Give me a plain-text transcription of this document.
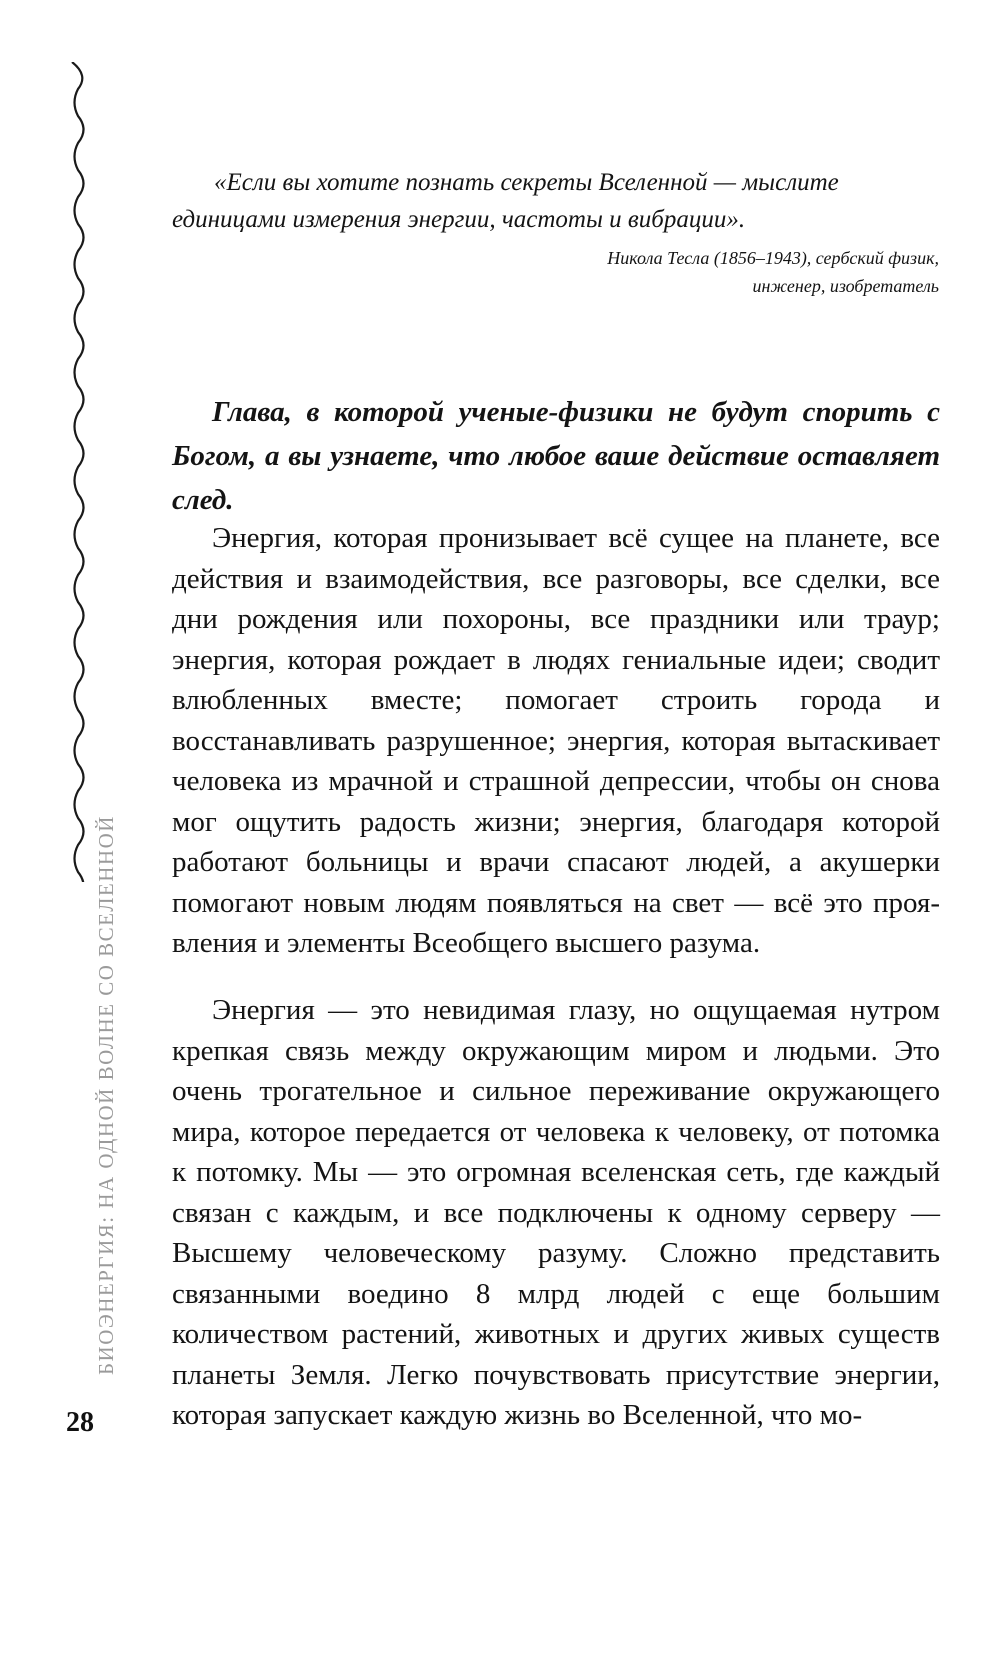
БИОЭНЕРГИЯ: НА ОДНОЙ ВОЛНЕ СО ВСЕЛЕННОЙ
28
«Если вы хотите познать секреты Вселенной — мыслите единицами измерения энергии, частоты и вибрации».
Никола Тесла (1856–1943), сербский физик,
инженер, изобретатель
Глава, в которой ученые-физики не будут спорить с Богом, а вы узнаете, что любое ваше действие оставляет след.
Энергия, которая пронизывает всё сущее на планете, все действия и взаимодействия, все разговоры, все сделки, все дни рождения или похороны, все праздники или траур; энергия, которая рождает в людях гениальные идеи; сводит влюбленных вместе; помогает строить города и восстанавливать разрушенное; энергия, которая вытаскивает человека из мрачной и страшной депрессии, чтобы он снова мог ощутить радость жизни; энергия, благодаря которой работают больницы и врачи спасают людей, а акушерки помогают новым людям появляться на свет — всё это проявления и элементы Всеобщего высшего разума.
Энергия — это невидимая глазу, но ощущаемая нутром крепкая связь между окружающим миром и людьми. Это очень трогательное и сильное переживание окружающего мира, которое передается от человека к человеку, от потомка к потомку. Мы — это огромная вселенская сеть, где каждый связан с каждым, и все подключены к одному серверу — Высшему человеческому разуму. Сложно представить связанными воедино 8 млрд людей с еще большим количеством растений, животных и других живых существ планеты Земля. Легко почувствовать присутствие энергии, которая запускает каждую жизнь во Вселенной, что мо-
